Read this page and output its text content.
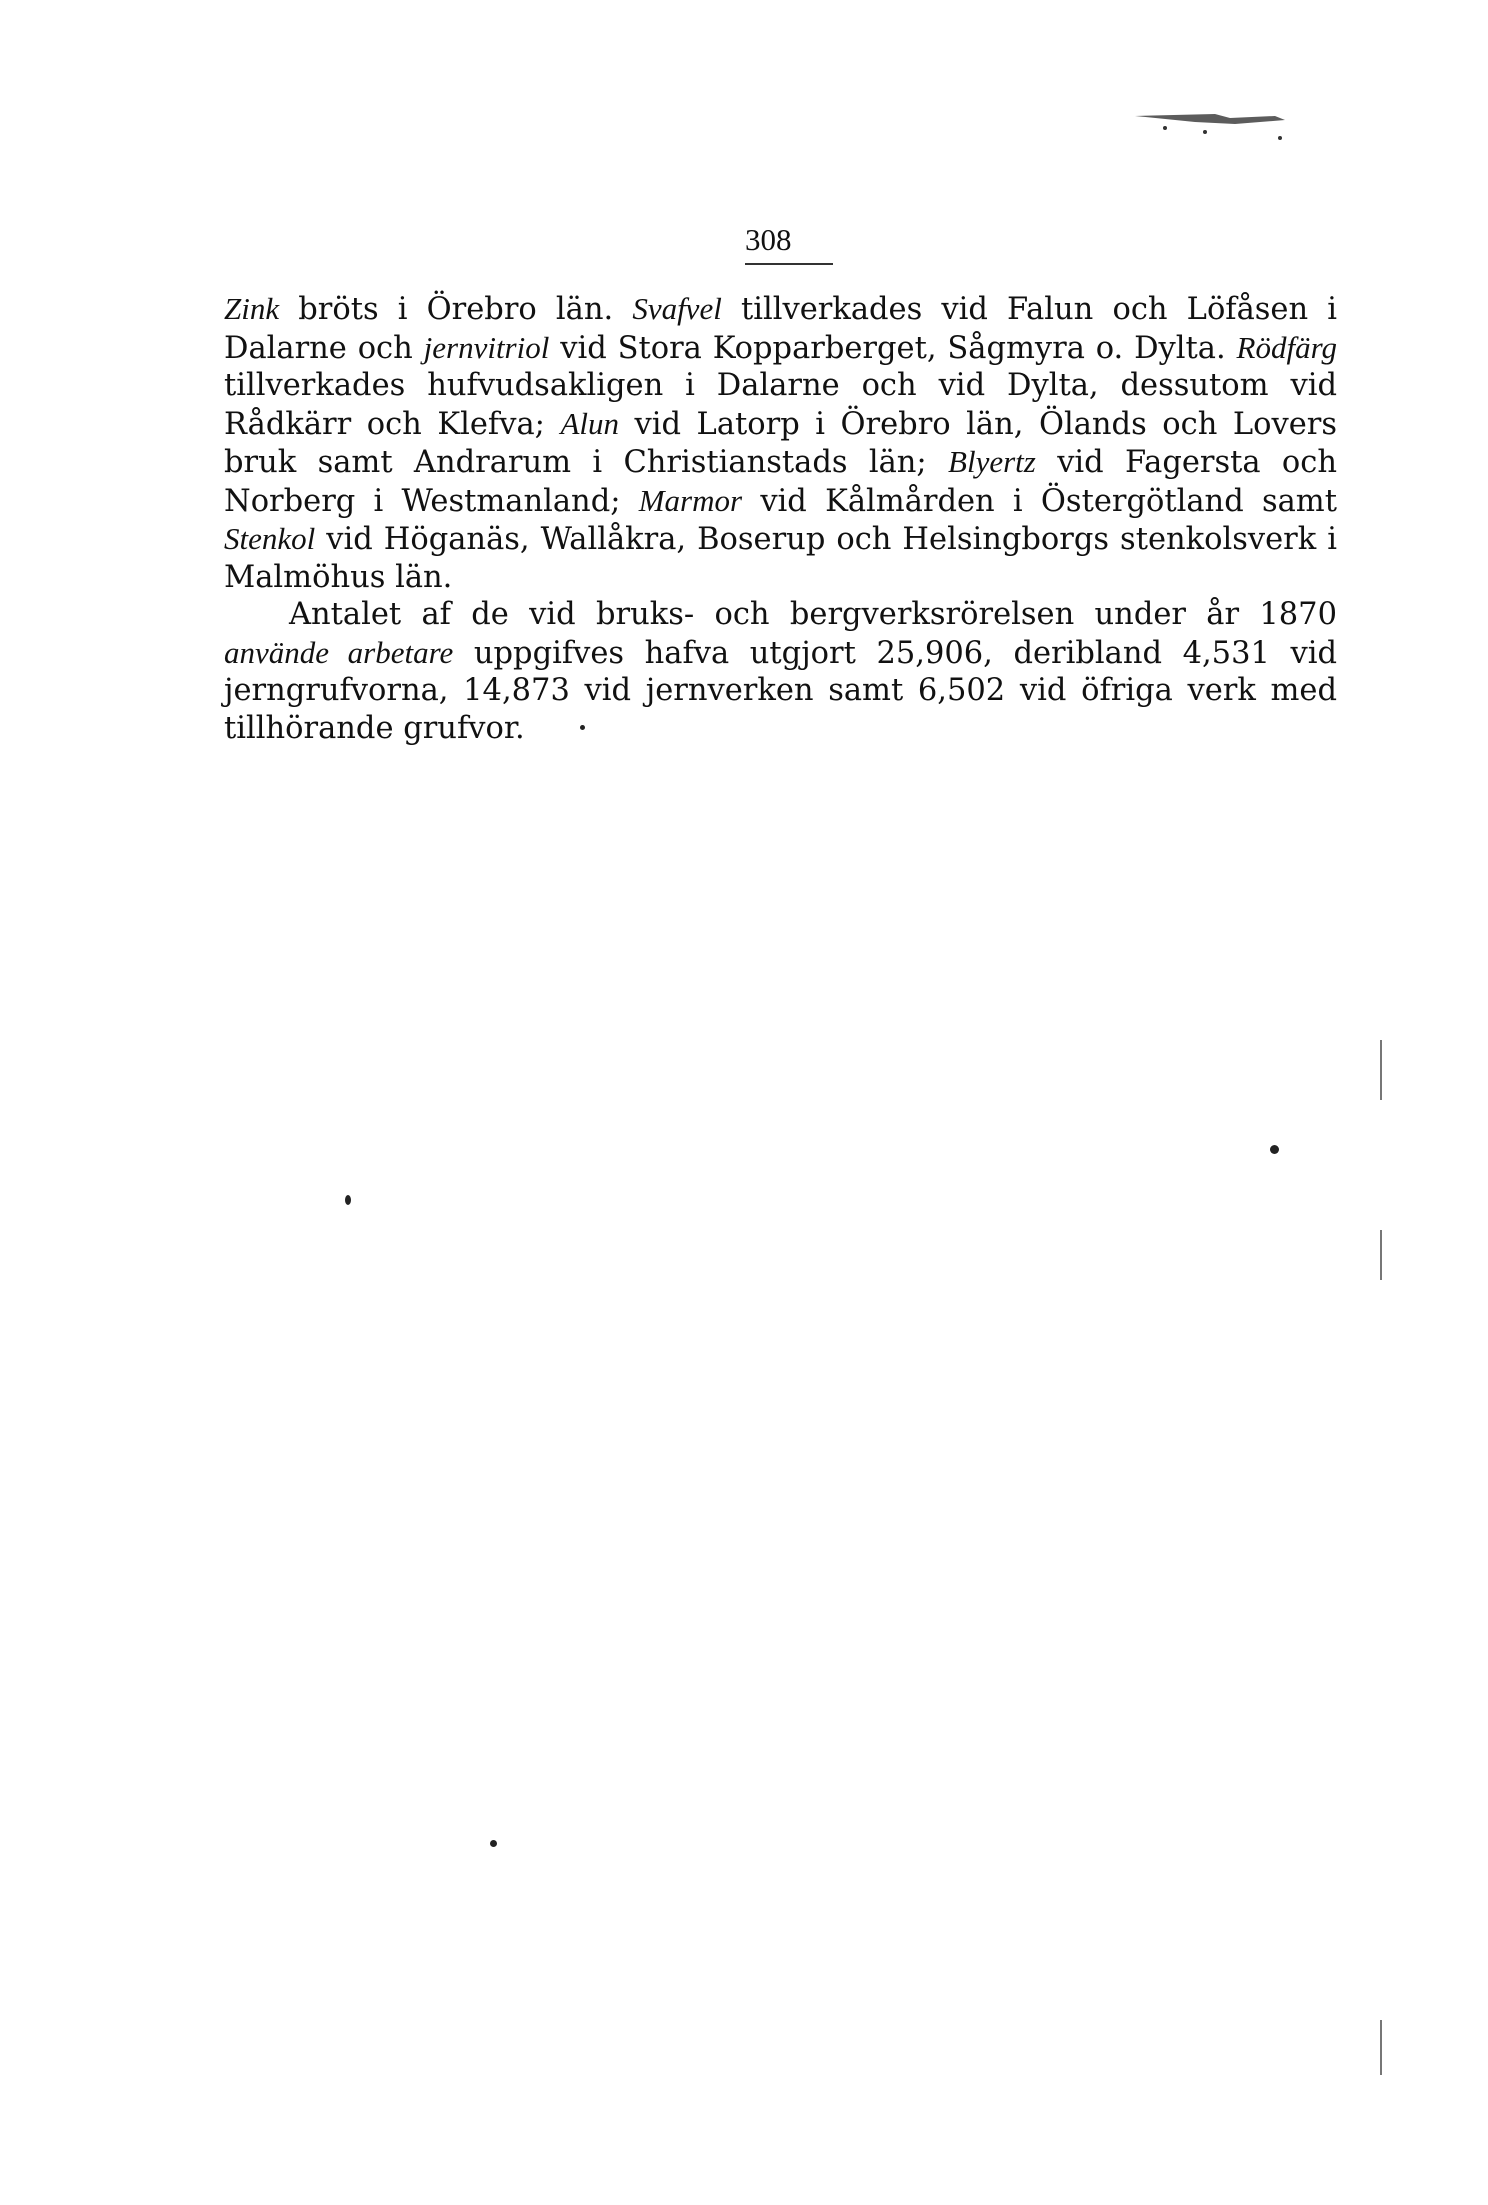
308

Zink bröts i Örebro län. Svafvel tillverkades vid Falun och Löfåsen i Dalarne och jernvitriol vid Stora Kopparberget, Sågmyra o. Dylta. Rödfärg tillverkades hufvudsakligen i Dalarne och vid Dylta, dessutom vid Rådkärr och Klefva; Alun vid Latorp i Örebro län, Ölands och Lovers bruk samt Andrarum i Christianstads län; Blyertz vid Fagersta och Norberg i Westmanland; Marmor vid Kålmården i Östergötland samt Stenkol vid Höganäs, Wallåkra, Boserup och Helsingborgs stenkolsverk i Malmöhus län.

Antalet af de vid bruks- och bergverksrörelsen under år 1870 använde arbetare uppgifves hafva utgjort 25,906, deribland 4,531 vid jerngrufvorna, 14,873 vid jernverken samt 6,502 vid öfriga verk med tillhörande grufvor.
